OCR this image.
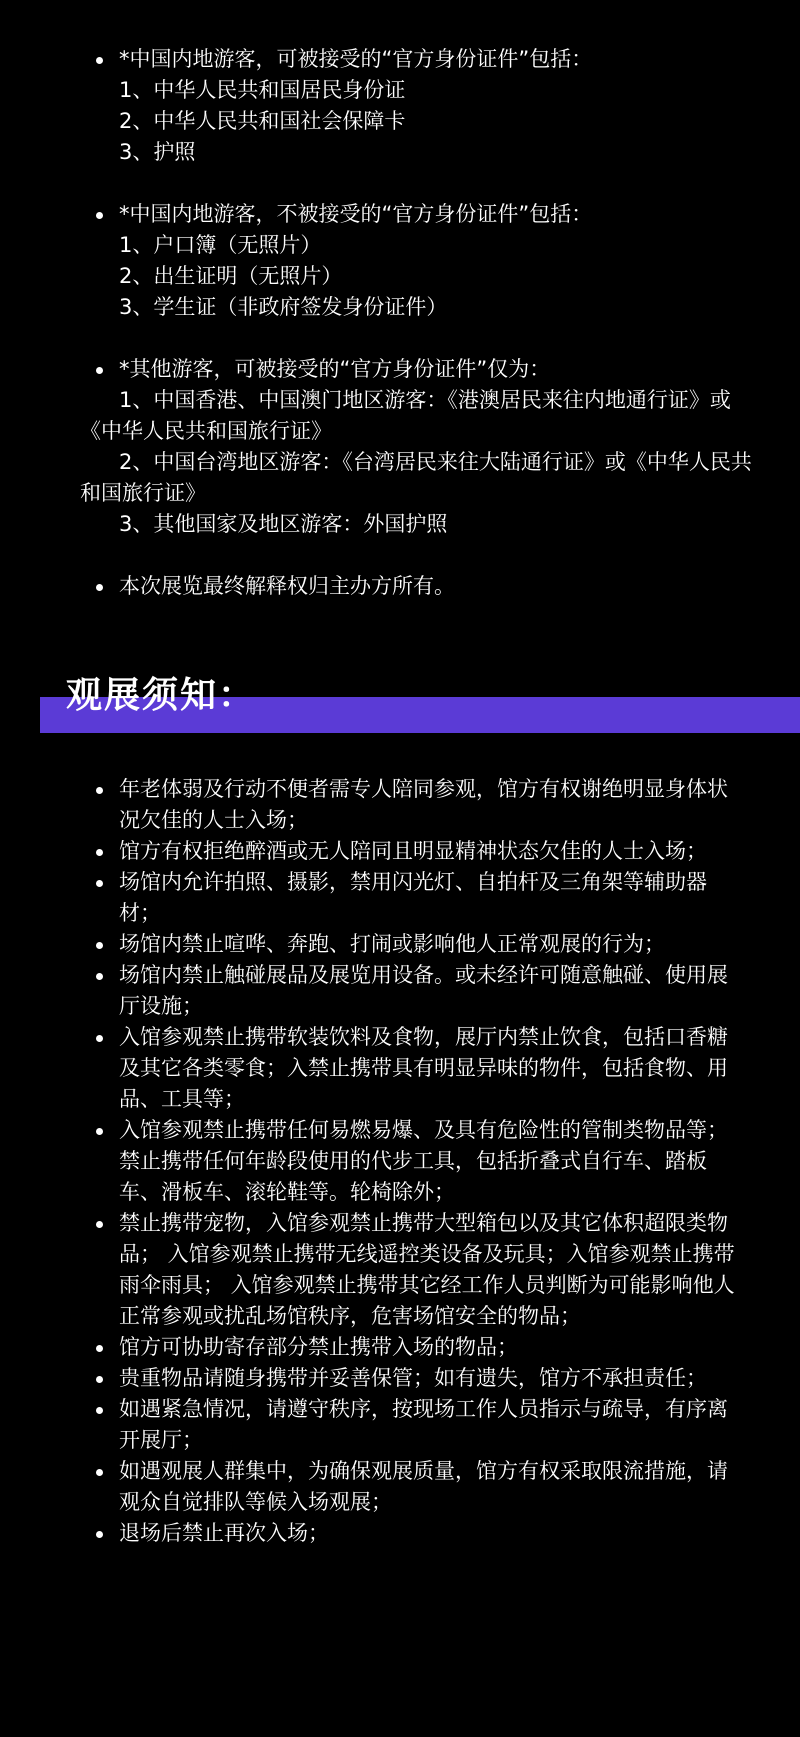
*中国内地游客，可被接受的“官方身份证件”包括：
1、中华人民共和国居民身份证
2、中华人民共和国社会保障卡
3、护照
*中国内地游客，不被接受的“官方身份证件”包括：
1、户口簿（无照片）
2、出生证明（无照片）
3、学生证（非政府签发身份证件）
*其他游客，可被接受的“官方身份证件”仅为：
1、中国香港、中国澳门地区游客：《港澳居民来往内地通行证》或《中华人民共和国旅行证》
2、中国台湾地区游客：《台湾居民来往大陆通行证》或《中华人民共和国旅行证》
3、其他国家及地区游客：外国护照
本次展览最终解释权归主办方所有。
观展须知：
年老体弱及行动不便者需专人陪同参观，馆方有权谢绝明显身体状况欠佳的人士入场；
馆方有权拒绝醉酒或无人陪同且明显精神状态欠佳的人士入场；
场馆内允许拍照、摄影，禁用闪光灯、自拍杆及三角架等辅助器材；
场馆内禁止喧哗、奔跑、打闹或影响他人正常观展的行为；
场馆内禁止触碰展品及展览用设备。或未经许可随意触碰、使用展厅设施；
入馆参观禁止携带软装饮料及食物，展厅内禁止饮食，包括口香糖及其它各类零食；入禁止携带具有明显异味的物件，包括食物、用品、工具等；
入馆参观禁止携带任何易燃易爆、及具有危险性的管制类物品等； 禁止携带任何年龄段使用的代步工具，包括折叠式自行车、踏板车、滑板车、滚轮鞋等。轮椅除外；
禁止携带宠物，入馆参观禁止携带大型箱包以及其它体积超限类物品； 入馆参观禁止携带无线遥控类设备及玩具；入馆参观禁止携带雨伞雨具； 入馆参观禁止携带其它经工作人员判断为可能影响他人正常参观或扰乱场馆秩序，危害场馆安全的物品；
馆方可协助寄存部分禁止携带入场的物品；
贵重物品请随身携带并妥善保管；如有遗失，馆方不承担责任；
如遇紧急情况，请遵守秩序，按现场工作人员指示与疏导，有序离开展厅；
如遇观展人群集中，为确保观展质量，馆方有权采取限流措施，请观众自觉排队等候入场观展；
退场后禁止再次入场；
